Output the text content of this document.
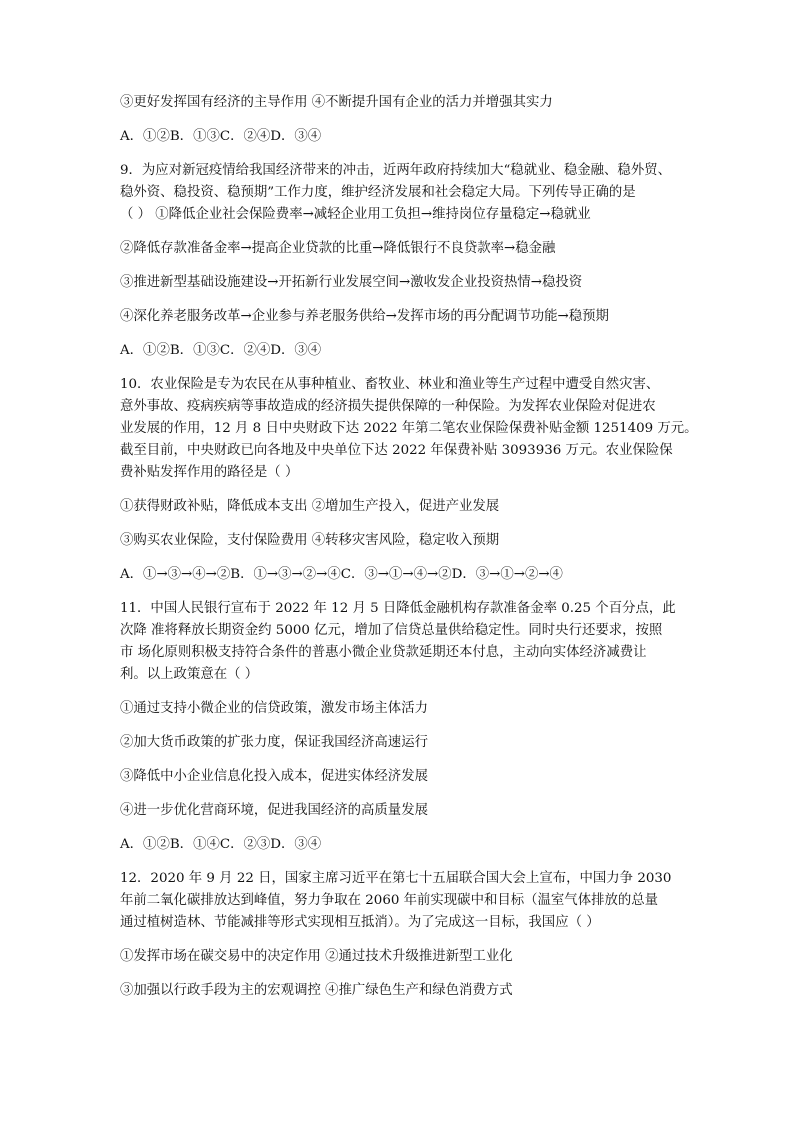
③更好发挥国有经济的主导作用 ④不断提升国有企业的活力并增强其实力
A．①②B．①③C．②④D．③④
9．为应对新冠疫情给我国经济带来的冲击，近两年政府持续加大“稳就业、稳金融、稳外贸、
稳外资、稳投资、稳预期”工作力度，维护经济发展和社会稳定大局。下列传导正确的是
（ ） ①降低企业社会保险费率→减轻企业用工负担→维持岗位存量稳定→稳就业
②降低存款准备金率→提高企业贷款的比重→降低银行不良贷款率→稳金融
③推进新型基础设施建设→开拓新行业发展空间→激收发企业投资热情→稳投资
④深化养老服务改革→企业参与养老服务供给→发挥市场的再分配调节功能→稳预期
A．①②B．①③C．②④D．③④
10．农业保险是专为农民在从事种植业、畜牧业、林业和渔业等生产过程中遭受自然灾害、
意外事故、疫病疾病等事故造成的经济损失提供保障的一种保险。为发挥农业保险对促进农
业发展的作用，12 月 8 日中央财政下达 2022 年第二笔农业保险保费补贴金额 1251409 万元。
截至目前，中央财政已向各地及中央单位下达 2022 年保费补贴 3093936 万元。农业保险保
费补贴发挥作用的路径是（ ）
①获得财政补贴，降低成本支出 ②增加生产投入，促进产业发展
③购买农业保险，支付保险费用 ④转移灾害风险，稳定收入预期
A．①→③→④→②B．①→③→②→④C．③→①→④→②D．③→①→②→④
11．中国人民银行宣布于 2022 年 12 月 5 日降低金融机构存款准备金率 0.25 个百分点，此
次降 准将释放长期资金约 5000 亿元，增加了信贷总量供给稳定性。同时央行还要求，按照
市 场化原则积极支持符合条件的普惠小微企业贷款延期还本付息，主动向实体经济减费让
利。以上政策意在（ ）
①通过支持小微企业的信贷政策，激发市场主体活力
②加大货币政策的扩张力度，保证我国经济高速运行
③降低中小企业信息化投入成本，促进实体经济发展
④进一步优化营商环境，促进我国经济的高质量发展
A．①②B．①④C．②③D．③④
12．2020 年 9 月 22 日，国家主席习近平在第七十五届联合国大会上宣布，中国力争 2030
年前二氧化碳排放达到峰值，努力争取在 2060 年前实现碳中和目标（温室气体排放的总量
通过植树造林、节能减排等形式实现相互抵消）。为了完成这一目标，我国应（ ）
①发挥市场在碳交易中的决定作用 ②通过技术升级推进新型工业化
③加强以行政手段为主的宏观调控 ④推广绿色生产和绿色消费方式
